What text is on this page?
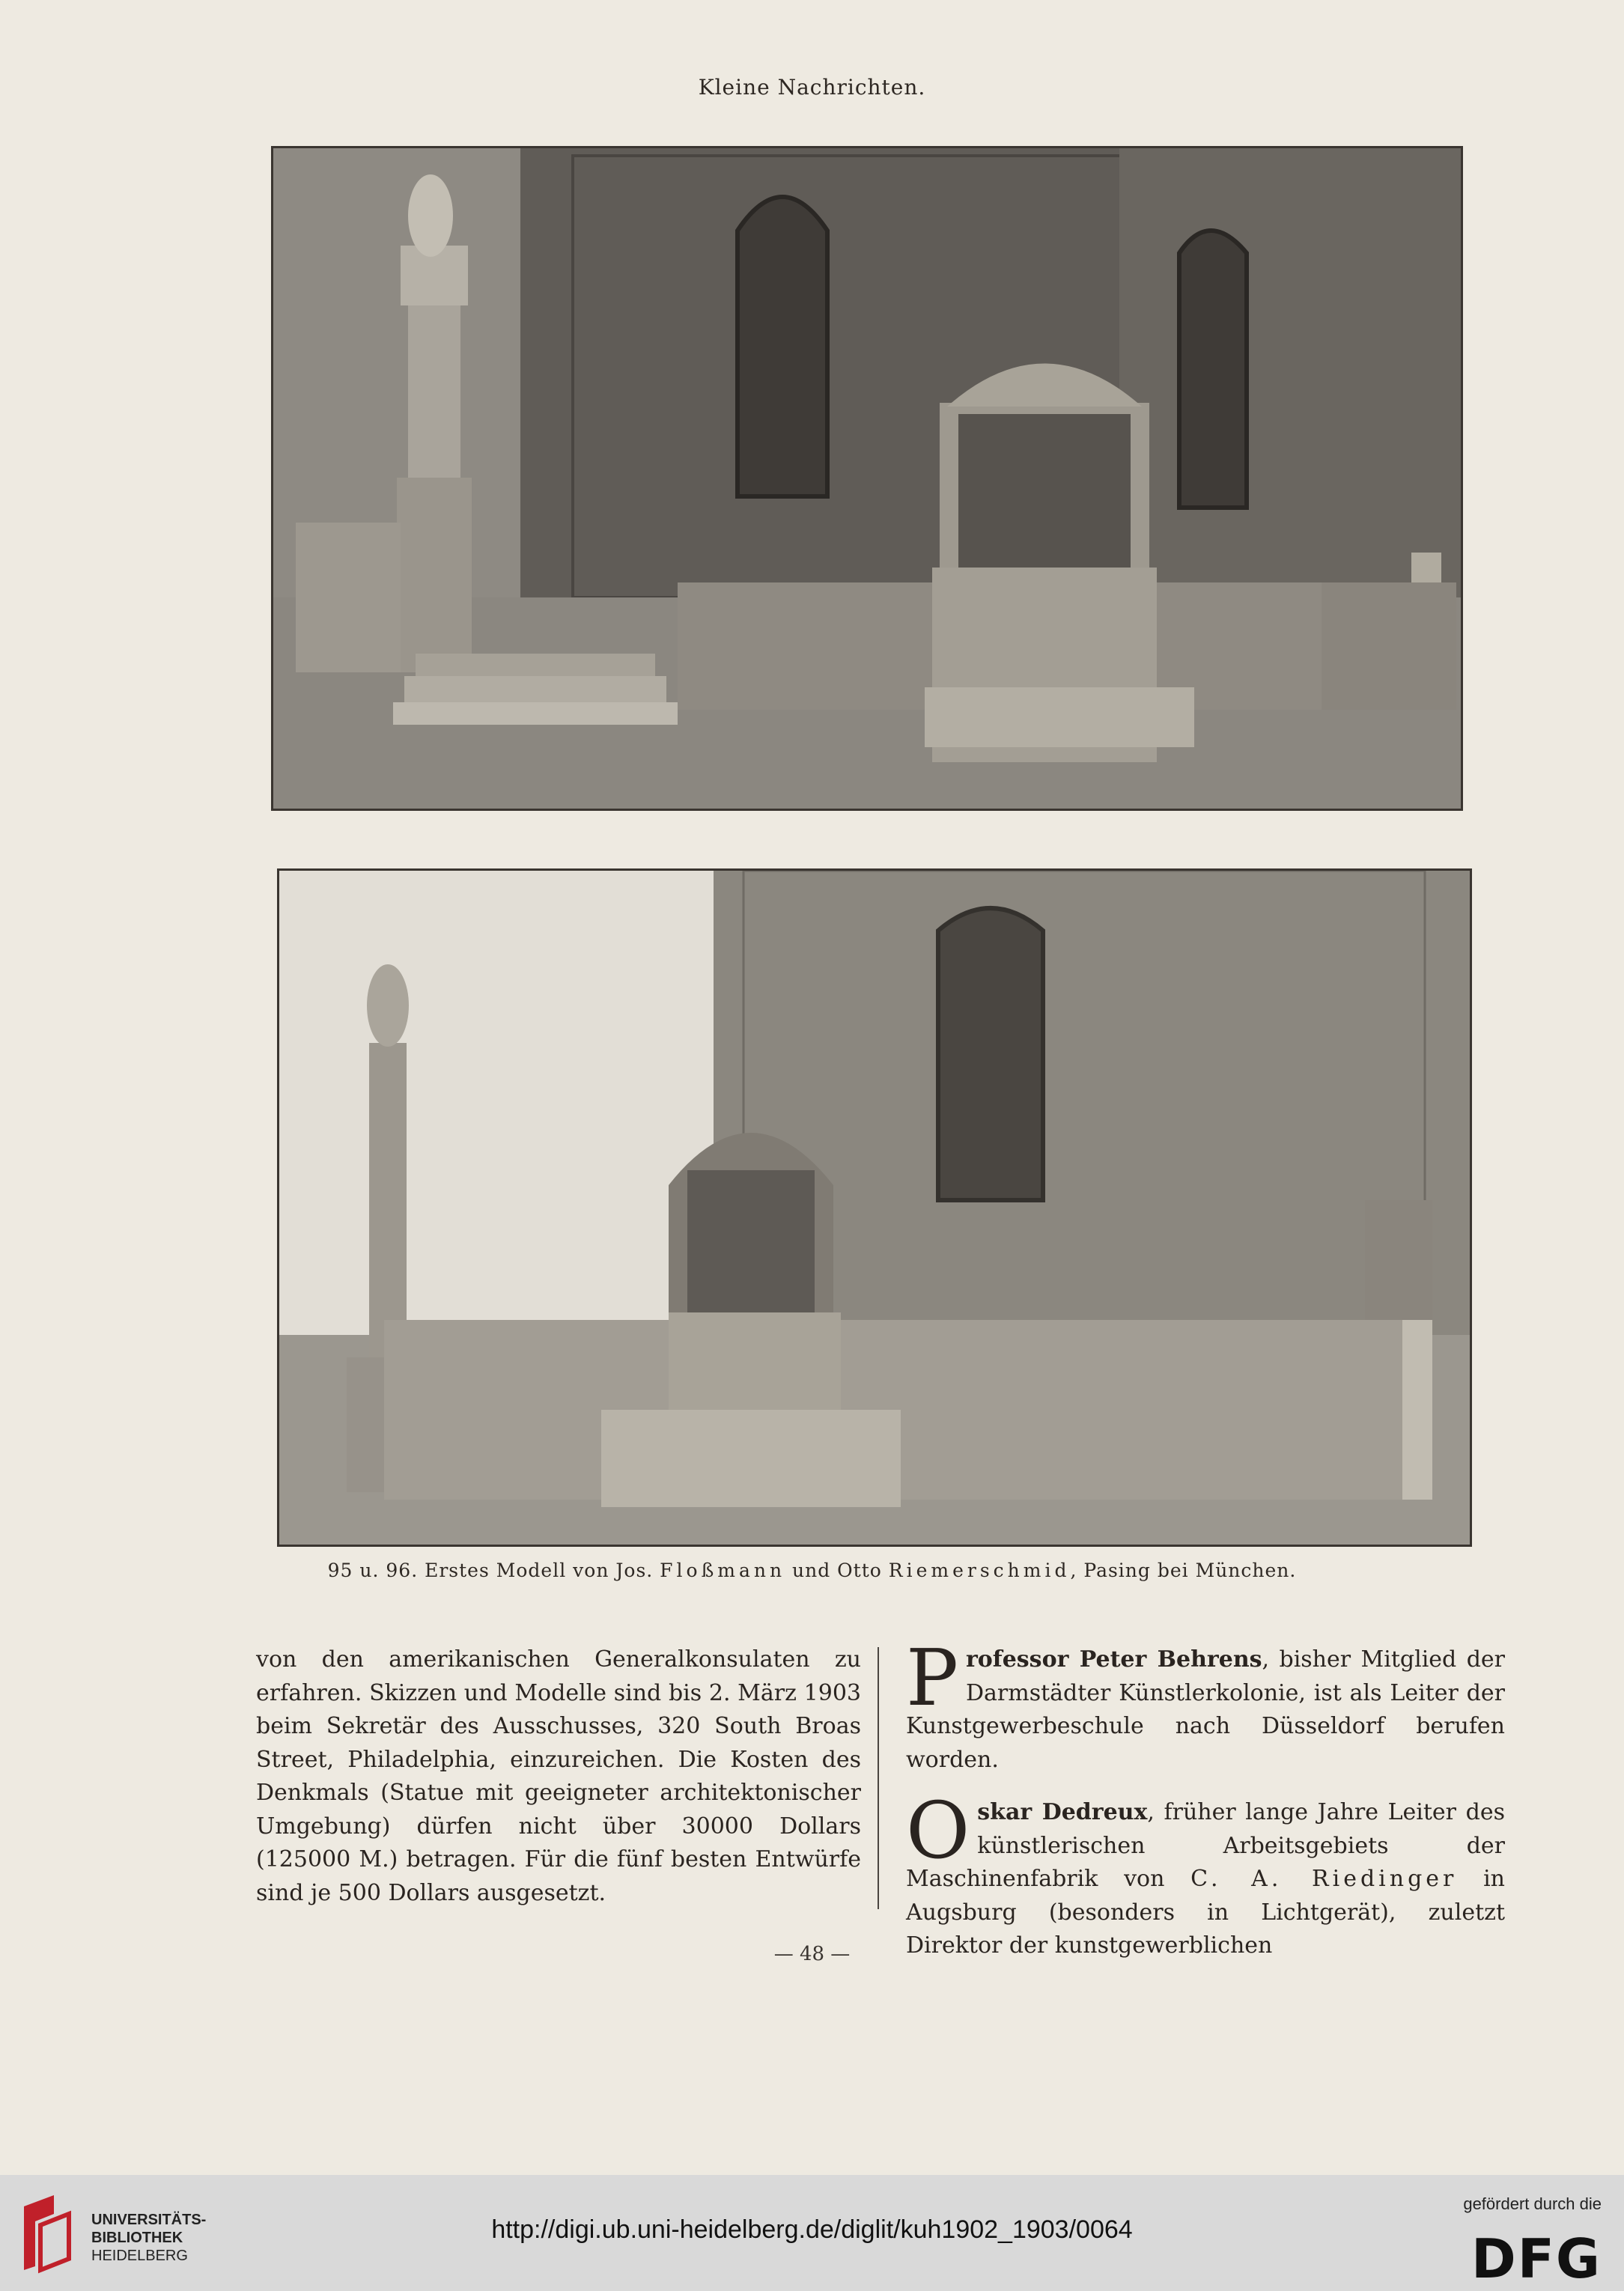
Kleine Nachrichten.
95 u. 96. Erstes Modell von Jos. Floßmann und Otto Riemerschmid, Pasing bei München.

von den amerikanischen Generalkonsulaten zu erfahren. Skizzen und Modelle sind bis 2. März 1903 beim Sekretär des Ausschusses, 320 South Broas Street, Philadelphia, einzureichen. Die Kosten des Denkmals (Statue mit geeigneter architektonischer Umgebung) dürfen nicht über 30000 Dollars (125000 M.) betragen. Für die fünf besten Entwürfe sind je 500 Dollars ausgesetzt.

Professor Peter Behrens, bisher Mitglied der Darmstädter Künstlerkolonie, ist als Leiter der Kunstgewerbeschule nach Düsseldorf berufen worden.

Oskar Dedreux, früher lange Jahre Leiter des künstlerischen Arbeitsgebiets der Maschinenfabrik von C. A. Riedinger in Augsburg (besonders in Lichtgerät), zuletzt Direktor der kunstgewerblichen

— 48 —
UNIVERSITÄTS-
BIBLIOTHEK
HEIDELBERG
http://digi.ub.uni-heidelberg.de/diglit/kuh1902_1903/0064
gefördert durch die
DFG
